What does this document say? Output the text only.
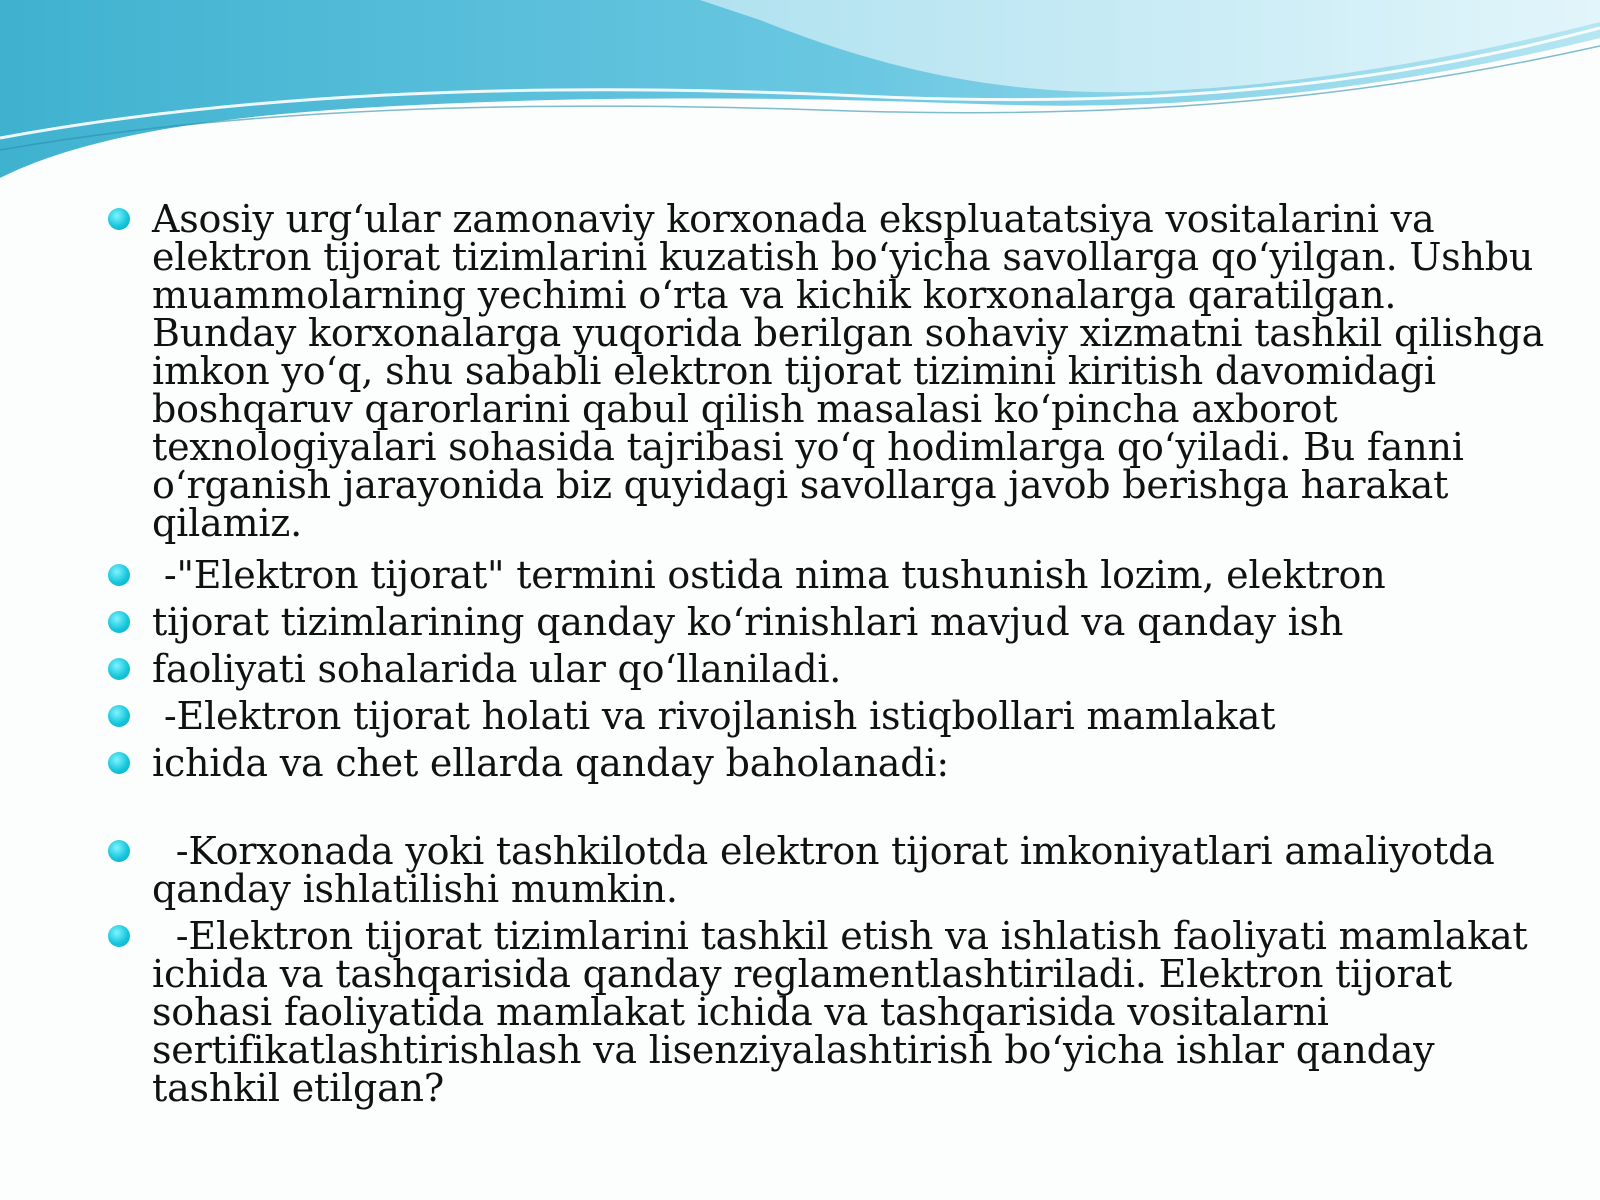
Asosiy urg‘ular zamonaviy korxonada ekspluatatsiya vositalarini va elektron tijorat tizimlarini kuzatish bo‘yicha savollarga qo‘yilgan. Ushbu muammolarning yechimi o‘rta va kichik korxonalarga qaratilgan. Bunday korxonalarga yuqorida berilgan sohaviy xizmatni tashkil qilishga imkon yo‘q, shu sababli elektron tijorat tizimini kiritish davomidagi boshqaruv qarorlarini qabul qilish masalasi ko‘pincha axborot texnologiyalari sohasida tajribasi yo‘q hodimlarga qo‘yiladi. Bu fanni o‘rganish jarayonida biz quyidagi savollarga javob berishga harakat qilamiz.
-"Elektron tijorat" termini ostida nima tushunish lozim, elektron
tijorat tizimlarining qanday ko‘rinishlari mavjud va qanday ish
faoliyati sohalarida ular qo‘llaniladi.
-Elektron tijorat holati va rivojlanish istiqbollari mamlakat
ichida va chet ellarda qanday baholanadi:
-Korxonada yoki tashkilotda elektron tijorat imkoniyatlari amaliyotda qanday ishlatilishi mumkin.
-Elektron tijorat tizimlarini tashkil etish va ishlatish faoliyati mamlakat ichida va tashqarisida qanday reglamentlashtiriladi. Elektron tijorat sohasi faoliyatida mamlakat ichida va tashqarisida vositalarni sertifikatlashtirishlash va lisenziyalashtirish bo‘yicha ishlar qanday tashkil etilgan?
